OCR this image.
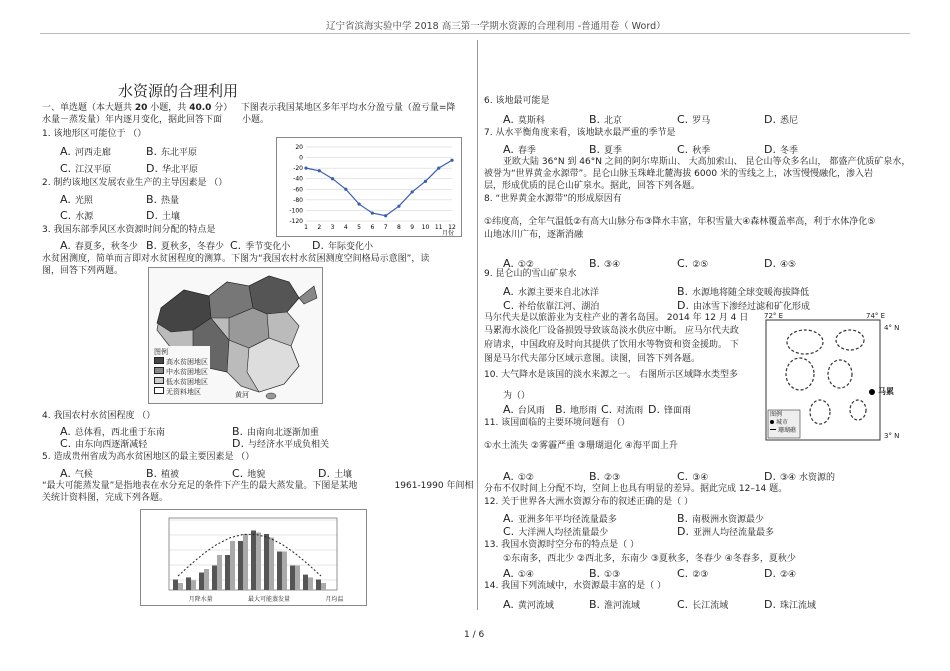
辽宁省滨海实验中学 2018 高三第一学期水资源的合理利用 -普通用卷（ Word）
水资源的合理利用
一、单选题（本大题共 20 小题，共 40.0 分） 下图表示我国某地区多年平均水分盈亏量（盈亏量=降
水量－蒸发量）年内逐月变化，据此回答下面 小题。
1. 该地形区可能位于 （）
A. 河西走廊	B. 东北平原
C. 江汉平原	D. 华北平原
2. 制约该地区发展农业生产的主导因素是 （）
A. 光照	B. 热量
C. 水源	D. 土壤
3. 我国东部季风区水资源时间分配的特点是
A. 春夏多，秋冬少 B. 夏秋多，冬春少 C. 季节变化小 D. 年际变化小
水贫困测度，简单而言即对水贫困程度的测算。下图为“我国农村水贫困测度空间格局示意图”，读
图，回答下列两题。
20
0
-20
-40
-60
-80
-100
-120
1 2 3 4 5 6 7 8 9 10 11 12
月份
图例
高水贫困地区
中水贫困地区
低水贫困地区
无资料地区	黄河
4. 我国农村水贫困程度 （）
A. 总体看，西北重于东南	B. 由南向北逐渐加重
C. 由东向西逐渐减轻	D. 与经济水平成负相关
5. 造成贵州省成为高水贫困地区的最主要因素是 （）
A. 气候	B. 植被	C. 地貌	D. 土壤
“最大可能蒸发量”是指地表在水分充足的条件下产生的最大蒸发量。下图是某地	1961-1990 年间相
关统计资料图，完成下列各题。
月降水量	最大可能蒸发量	月均温
6. 该地最可能是
A. 莫斯科	B. 北京	C. 罗马	D. 悉尼
7. 从水平衡角度来看，该地缺水最严重的季节是
A. 春季	B. 夏季	C. 秋季	D. 冬季
亚欧大陆 36°N 到 46°N 之间的阿尔卑斯山、 大高加索山、 昆仑山等众多名山， 都盛产优质矿泉水，
被誉为“世界黄金水源带”。昆仑山脉玉珠峰北麓海拔 6000 米的雪线之上，冰雪慢慢融化，渗入岩
层，形成优质的昆仑山矿泉水。据此，回答下列各题。
8. “世界黄金水源带”的形成原因有
①纬度高，全年气温低②有高大山脉分布③降水丰富，年积雪量大④森林覆盖率高，利于水体净化⑤
山地冰川广布，逐渐消融
A. ①②	B. ③④	C. ②⑤	D. ④⑤
9. 昆仑山的雪山矿泉水
A. 水源主要来自北冰洋	B. 水源地将随全球变暖海拔降低
C. 补给依靠江河、湖泊	D. 由冰雪下渗经过滤和矿化形成
马尔代夫是以旅游业为支柱产业的著名岛国。 2014 年 12 月 4 日
马累海水淡化厂设备损毁导致该岛淡水供应中断。 应马尔代夫政
府请求，中国政府及时向其提供了饮用水等物资和资金援助。 下
图是马尔代夫部分区域示意图。读图，回答下列各题。
10. 大气降水是该国的淡水来源之一。 右图所示区域降水类型多
为（）
A. 台风雨 B. 地形雨 C. 对流雨 D. 锋面雨
11. 该国面临的主要环境问题有 （）
①水土流失 ②雾霾严重 ③珊瑚退化 ④海平面上升
A. ①②	B. ②③	C. ③④	D. ③④ 水资源的
分布不仅时间上分配不均，空间上也具有明显的差异。据此完成 12–14 题。
12. 关于世界各大洲水资源分布的叙述正确的是（ ）
A. 亚洲多年平均径流量最多	B. 南极洲水资源最少
C. 大洋洲人均径流量最少	D. 亚洲人均径流量最多
13. 我国水资源时空分布的特点是（ ）
①东南多，西北少 ②西北多，东南少 ③夏秋多，冬春少 ④冬春多，夏秋少
A. ①④	B. ①③	C. ②③	D. ②④
14. 我国下列流域中，水资源最丰富的是（ ）
A. 黄河流域	B. 淮河流域	C. 长江流域	D. 珠江流域
72° E	74° E
4° N
3° N
马累
图例
城市
珊瑚礁
1 / 6
